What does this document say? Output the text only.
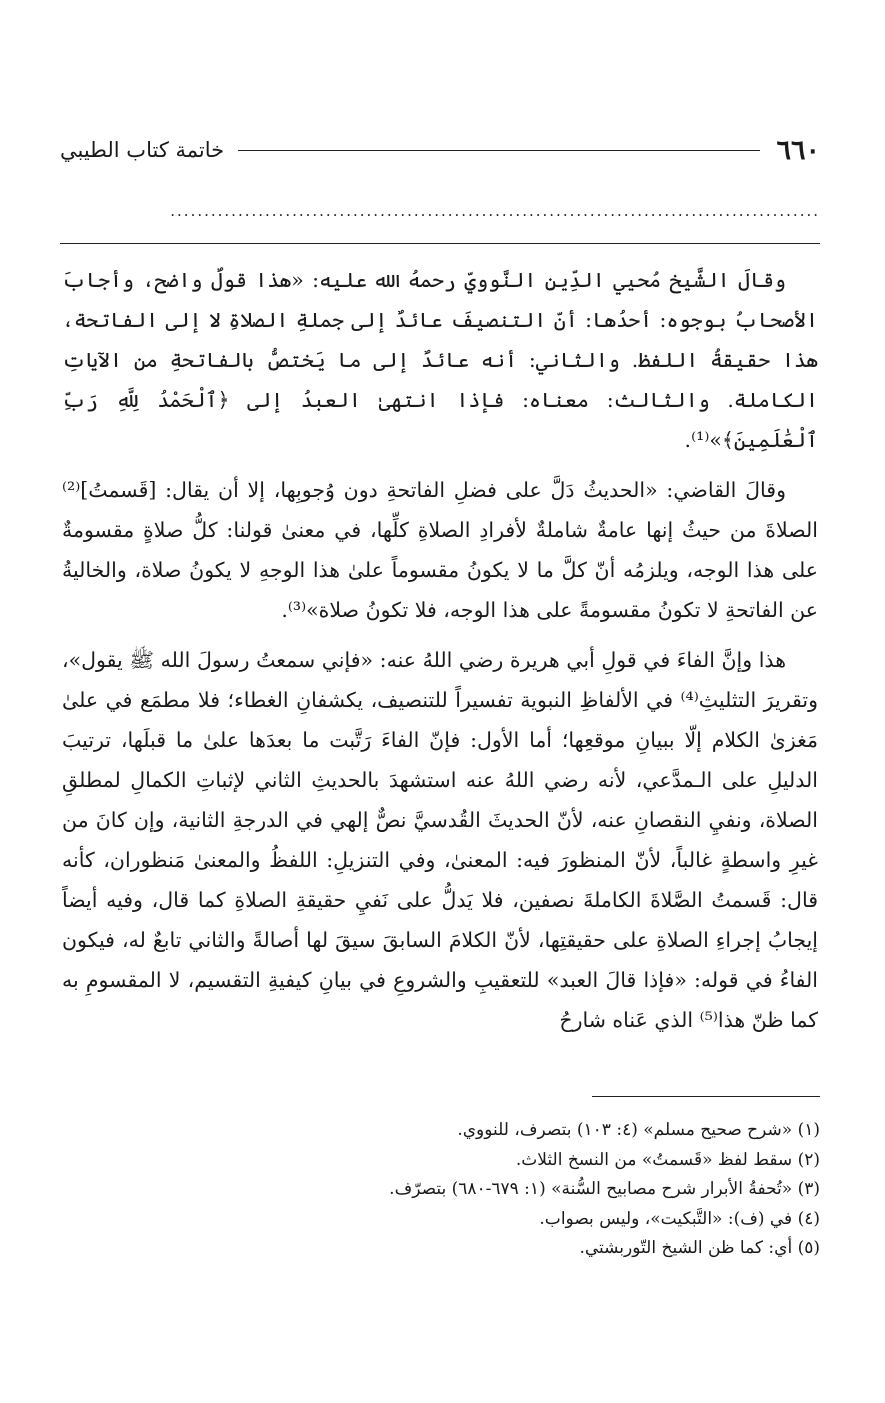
٦٦٠
خاتمة كتاب الطيبي
................................................................................................

وقالَ الشَّيخ مُحيي الدِّينِ النَّوويّ رحمهُ الله عليه: «هذا قولٌ واضح، وأجابَ الأصحابُ بوجوه: أحدُها: أنّ التنصيفَ عائدٌ إلى جملةِ الصلاةِ لا إلى الفاتحة، هذا حقيقةُ اللفظ. والثاني: أنه عائدٌ إلى ما يَختصُّ بالفاتحةِ من الآياتِ الكاملة. والثالث: معناه: فإذا انتهىٰ العبدُ إلى ﴿ٱلْحَمْدُ لِلَّهِ رَبِّ ٱلْعَٰلَمِينَ﴾»⁽¹⁾.

وقالَ القاضي: «الحديثُ دَلَّ على فضلِ الفاتحةِ دون وُجوبِها، إلا أن يقال: [قَسمتُ]⁽²⁾ الصلاةَ من حيثُ إنها عامةٌ شاملةٌ لأفرادِ الصلاةِ كلِّها، في معنىٰ قولنا: كلُّ صلاةٍ مقسومةٌ على هذا الوجه، ويلزمُه أنّ كلَّ ما لا يكونُ مقسوماً علىٰ هذا الوجهِ لا يكونُ صلاة، والخاليةُ عن الفاتحةِ لا تكونُ مقسومةً على هذا الوجه، فلا تكونُ صلاة»⁽³⁾.

هذا وإنَّ الفاءَ في قولِ أبي هريرة رضي اللهُ عنه: «فإني سمعتُ رسولَ الله ﷺ يقول»، وتقريرَ التثليثِ⁽⁴⁾ في الألفاظِ النبوية تفسيراً للتنصيف، يكشفانِ الغطاء؛ فلا مطمَع في علىٰ مَغزىٰ الكلام إلّا ببيانِ موقعِها؛ أما الأول: فإنّ الفاءَ رَتَّبت ما بعدَها علىٰ ما قبلَها، ترتيبَ الدليلِ على الـمدَّعي، لأنه رضي اللهُ عنه استشهدَ بالحديثِ الثاني لإثباتِ الكمالِ لمطلقِ الصلاة، ونفيِ النقصانِ عنه، لأنّ الحديثَ القُدسيَّ نصٌّ إلهي في الدرجةِ الثانية، وإن كانَ من غيرِ واسطةٍ غالباً، لأنّ المنظورَ فيه: المعنىٰ، وفي التنزيلِ: اللفظُ والمعنىٰ مَنظوران، كأنه قال: قَسمتُ الصَّلاةَ الكاملةَ نصفين، فلا يَدلُّ على نَفيِ حقيقةِ الصلاةِ كما قال، وفيه أيضاً إيجابُ إجراءِ الصلاةِ على حقيقتِها، لأنّ الكلامَ السابقَ سيقَ لها أصالةً والثاني تابعٌ له، فيكون الفاءُ في قوله: «فإذا قالَ العبد» للتعقيبِ والشروعِ في بيانِ كيفيةِ التقسيم، لا المقسومِ به كما ظنّ هذا⁽⁵⁾ الذي عَناه شارحُ

(١) «شرح صحيح مسلم» (٤: ١٠٣) بتصرف، للنووي.
(٢) سقط لفظ «قَسمتُ» من النسخ الثلاث.
(٣) «تُحفةُ الأبرار شرح مصابيح السُّنة» (١: ٦٧٩-٦٨٠) بتصرّف.
(٤) في (ف): «التَّبكيت»، وليس بصواب.
(٥) أي: كما ظن الشيخ التّوربشتي.
